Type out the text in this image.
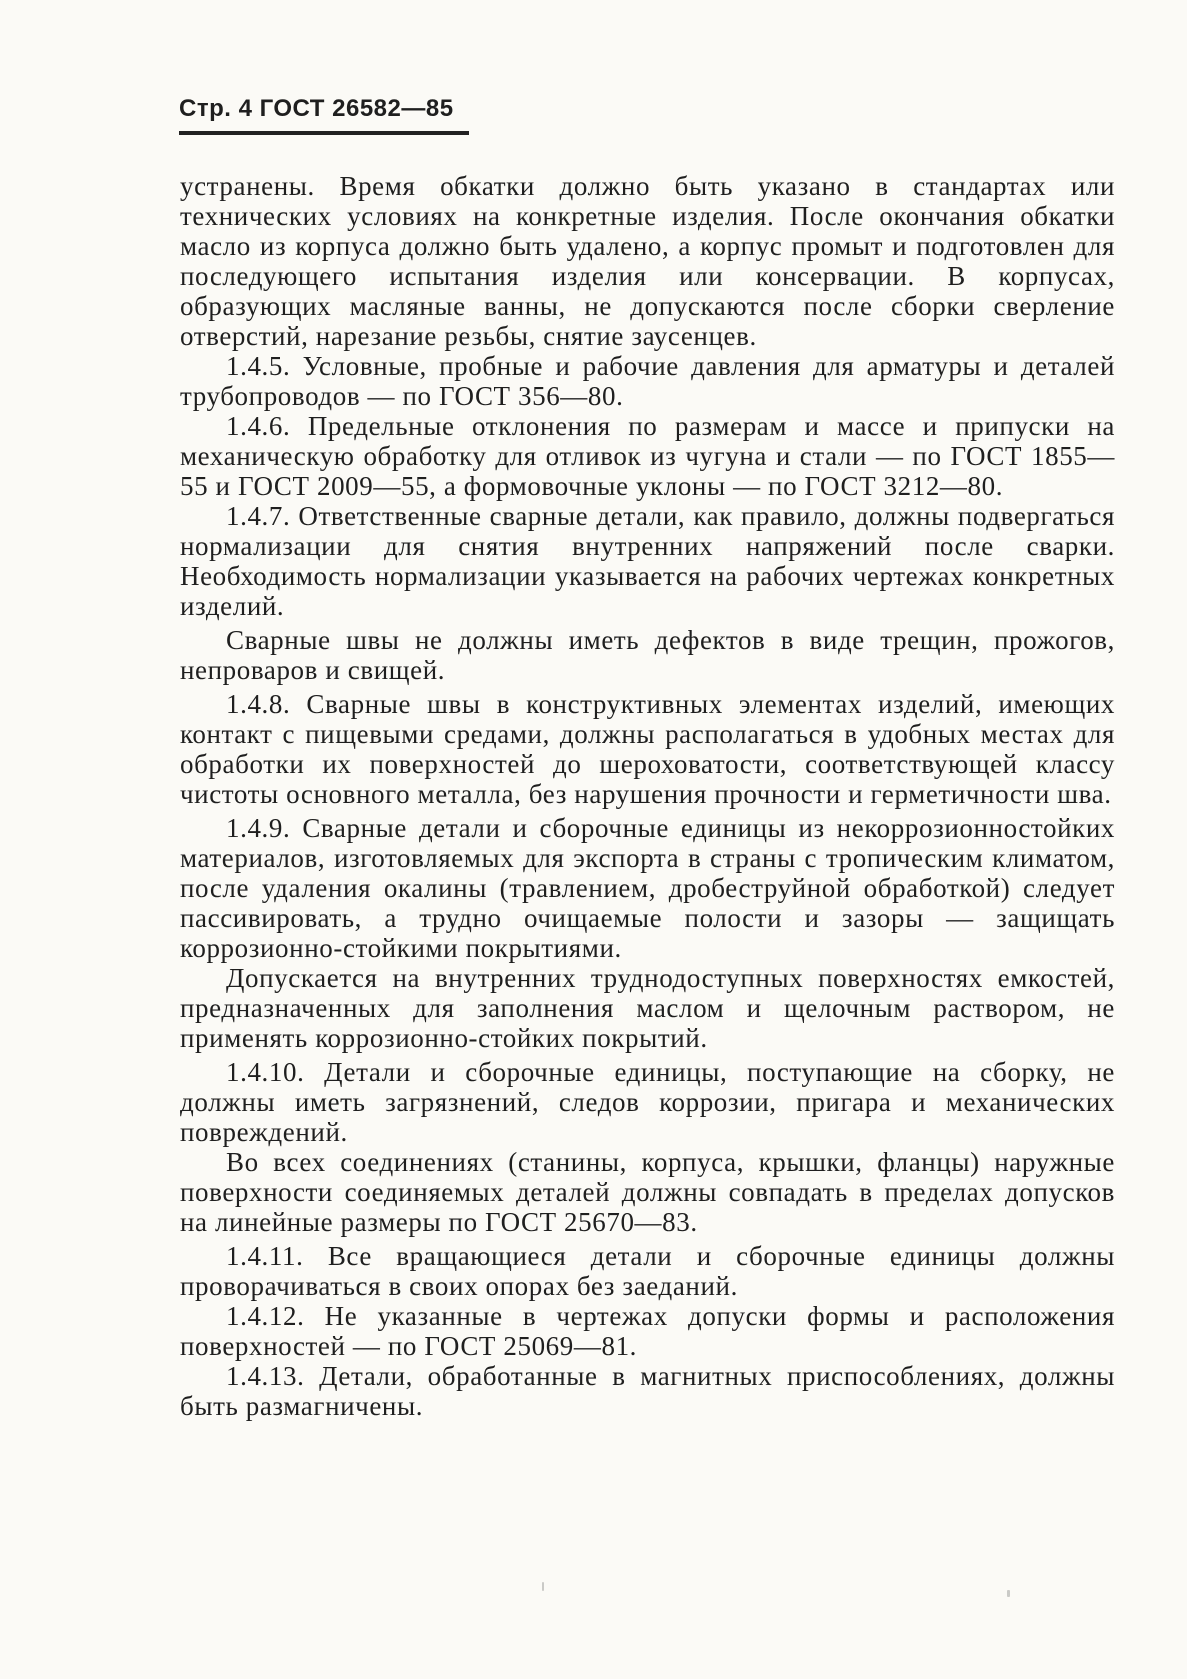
Стр. 4 ГОСТ 26582—85

устранены. Время обкатки должно быть указано в стандартах или технических условиях на конкретные изделия. После окончания обкатки масло из корпуса должно быть удалено, а корпус промыт и подготовлен для последующего испытания изделия или консервации. В корпусах, образующих масляные ванны, не допускаются после сборки сверление отверстий, нарезание резьбы, снятие заусенцев.

1.4.5. Условные, пробные и рабочие давления для арматуры и деталей трубопроводов — по ГОСТ 356—80.

1.4.6. Предельные отклонения по размерам и массе и припуски на механическую обработку для отливок из чугуна и стали — по ГОСТ 1855—55 и ГОСТ 2009—55, а формовочные уклоны — по ГОСТ 3212—80.

1.4.7. Ответственные сварные детали, как правило, должны подвергаться нормализации для снятия внутренних напряжений после сварки. Необходимость нормализации указывается на рабочих чертежах конкретных изделий.

Сварные швы не должны иметь дефектов в виде трещин, прожогов, непроваров и свищей.

1.4.8. Сварные швы в конструктивных элементах изделий, имеющих контакт с пищевыми средами, должны располагаться в удобных местах для обработки их поверхностей до шероховатости, соответствующей классу чистоты основного металла, без нарушения прочности и герметичности шва.

1.4.9. Сварные детали и сборочные единицы из некоррозионностойких материалов, изготовляемых для экспорта в страны с тропическим климатом, после удаления окалины (травлением, дробеструйной обработкой) следует пассивировать, а трудно очищаемые полости и зазоры — защищать коррозионно-стойкими покрытиями.

Допускается на внутренних труднодоступных поверхностях емкостей, предназначенных для заполнения маслом и щелочным раствором, не применять коррозионно-стойких покрытий.

1.4.10. Детали и сборочные единицы, поступающие на сборку, не должны иметь загрязнений, следов коррозии, пригара и механических повреждений.

Во всех соединениях (станины, корпуса, крышки, фланцы) наружные поверхности соединяемых деталей должны совпадать в пределах допусков на линейные размеры по ГОСТ 25670—83.

1.4.11. Все вращающиеся детали и сборочные единицы должны проворачиваться в своих опорах без заеданий.

1.4.12. Не указанные в чертежах допуски формы и расположения поверхностей — по ГОСТ 25069—81.

1.4.13. Детали, обработанные в магнитных приспособлениях, должны быть размагничены.
